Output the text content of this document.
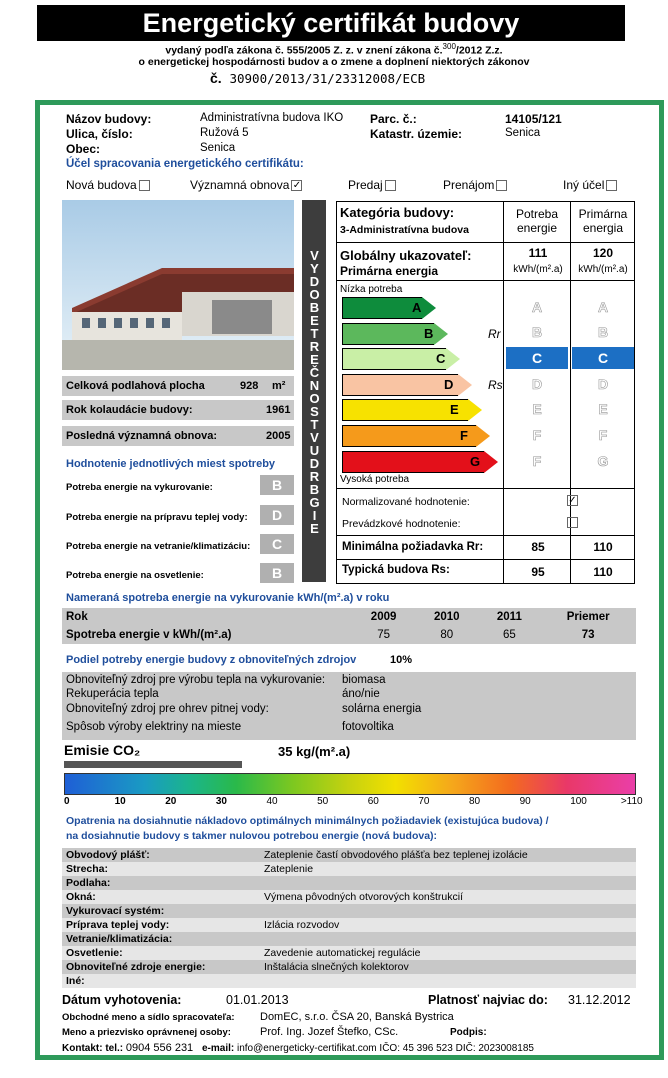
Energetický certifikát budovy
vydaný podľa zákona č. 555/2005 Z. z. v znení zákona č.$^{300}$/2012 Z.z.
o energetickej hospodárnosti budov a o zmene a doplnení niektorých zákonov
č. 30900/2013/31/23312008/ECB
Názov budovy:	Administratívna budova IKO Parc. č.:	14105/121
Ulica, číslo:	Ružová 5	Katastr. územie:	Senica
Obec:	Senica
Účel spracovania energetického certifikátu:
Nová budova	Významná obnova ✓	Predaj	Prenájom	Iný účel
Celková podlahová plocha	928 m²
Rok kolaudácie budovy:	1961
Posledná významná obnova:	2005
Hodnotenie jednotlivých miest spotreby
Potreba energie na vykurovanie:	B
Potreba energie na prípravu teplej vody:	D
Potreba energie na vetranie/klimatizáciu:	C
Potreba energie na osvetlenie:	B
VYDOBETREČNOSTVUDRBGIE
Kategória budovy:
3-Administratívna budova
Potreba energie
Primárna energia
Globálny ukazovateľ:
Primárna energia
111	120
kWh/(m².a)	kWh/(m².a)
Nízka potreba
A
B	Rr
C
D	Rs
E
F
G
Vysoká potreba
A
B
C
D
E
F
F
A
B
C
D
E
F
G
Normalizované hodnotenie:	✓
Prevádzkové hodnotenie:
Minimálna požiadavka Rr:	85	110
Typická budova Rs:	95	110
Nameraná spotreba energie na vykurovanie kWh/(m².a) v roku
Rok	2009	2010	2011	Priemer
Spotreba energie v kWh/(m².a)	75	80	65	73
Podiel potreby energie budovy z obnoviteľných zdrojov	10%
Obnoviteľný zdroj pre výrobu tepla na vykurovanie: biomasa
Rekuperácia tepla	áno/nie
Obnoviteľný zdroj pre ohrev pitnej vody:	solárna energia
Spôsob výroby elektriny na mieste	fotovoltika
Emisie CO₂	35 kg/(m².a)
0	10	20	30	40	50	60	70	80	90	100	>110
Opatrenia na dosiahnutie nákladovo optimálnych minimálnych požiadaviek (existujúca budova) /
na dosiahnutie budovy s takmer nulovou potrebou energie (nová budova):
Obvodový plášť:	Zateplenie častí obvodového plášťa bez teplenej izolácie
Strecha:	Zateplenie
Podlaha:
Okná:	Výmena pôvodných otvorových konštrukcií
Vykurovací systém:
Príprava teplej vody:	Izlácia rozvodov
Vetranie/klimatizácia:
Osvetlenie:	Zavedenie automatickej regulácie
Obnoviteľné zdroje energie:	Inštalácia slnečných kolektorov
Iné:
Dátum vyhotovenia:	01.01.2013	Platnosť najviac do: 31.12.2012
Obchodné meno a sídlo spracovateľa: DomEC, s.r.o. ČSA 20, Banská Bystrica
Meno a priezvisko oprávnenej osoby:	Prof. Ing. Jozef Štefko, CSc.	Podpis:
Kontakt: tel.: 0904 556 231 e-mail: info@energeticky-certifikat.com IČO: 45 396 523 DIČ: 2023008185
